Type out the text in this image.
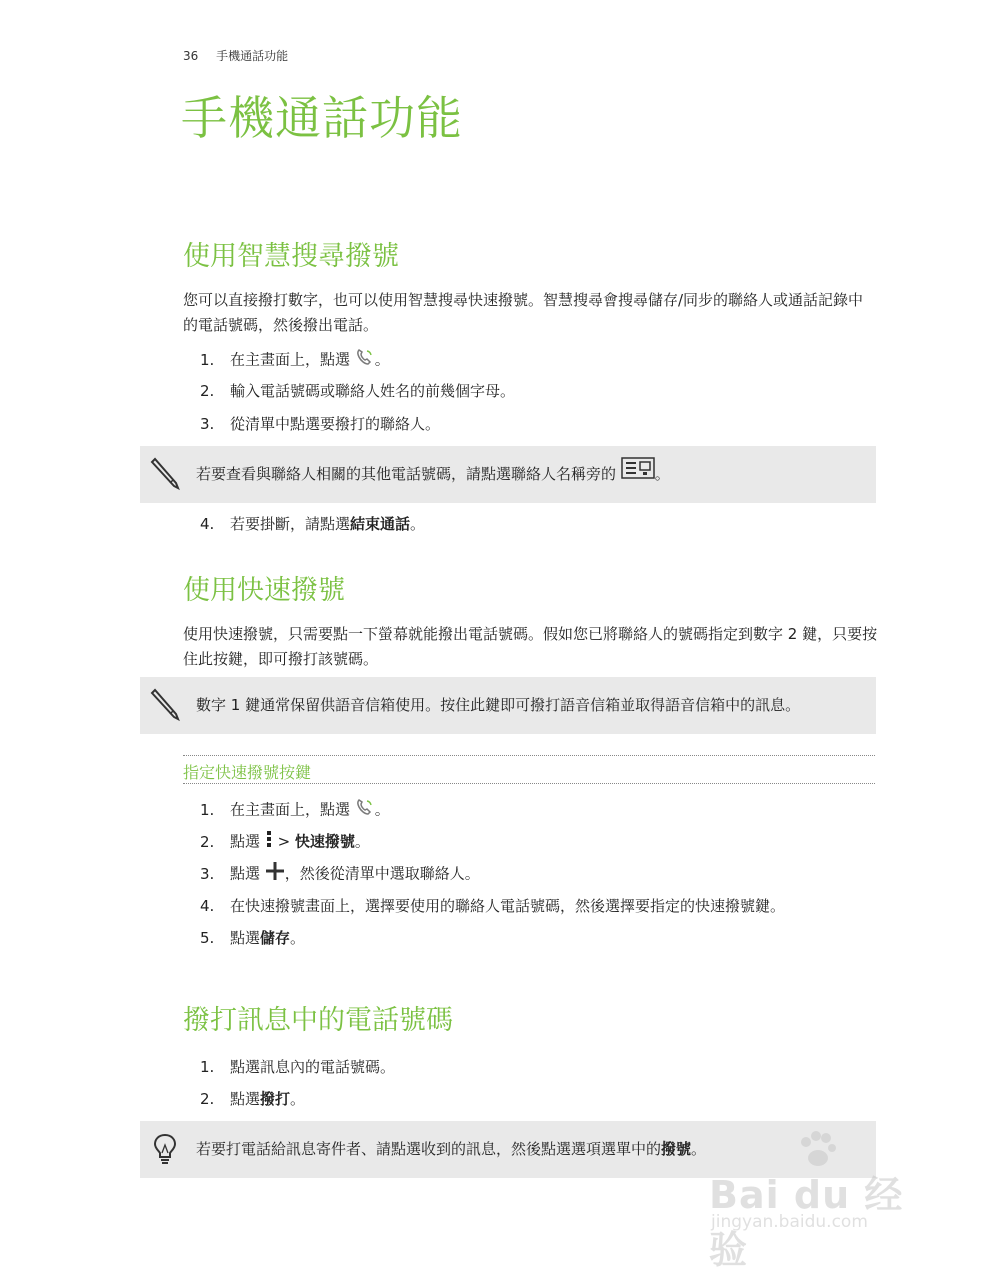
36 手機通話功能
手機通話功能
使用智慧搜尋撥號
您可以直接撥打數字，也可以使用智慧搜尋快速撥號。智慧搜尋會搜尋儲存/同步的聯絡人或通話記錄中的電話號碼，然後撥出電話。
1. 在主畫面上，點選 。
2. 輸入電話號碼或聯絡人姓名的前幾個字母。
3. 從清單中點選要撥打的聯絡人。
若要查看與聯絡人相關的其他電話號碼，請點選聯絡人名稱旁的	。
4. 若要掛斷，請點選結束通話。
使用快速撥號
使用快速撥號，只需要點一下螢幕就能撥出電話號碼。假如您已將聯絡人的號碼指定到數字 2 鍵，只要按住此按鍵，即可撥打該號碼。
數字 1 鍵通常保留供語音信箱使用。按住此鍵即可撥打語音信箱並取得語音信箱中的訊息。
指定快速撥號按鍵
1. 在主畫面上，點選 。
2. 點選  > 快速撥號。
3. 點選 ，然後從清單中選取聯絡人。
4. 在快速撥號畫面上，選擇要使用的聯絡人電話號碼，然後選擇要指定的快速撥號鍵。
5. 點選儲存。
撥打訊息中的電話號碼
1. 點選訊息內的電話號碼。
2. 點選撥打。
若要打電話給訊息寄件者、請點選收到的訊息，然後點選選項選單中的撥號。
Bai du 经验
jingyan.baidu.com
